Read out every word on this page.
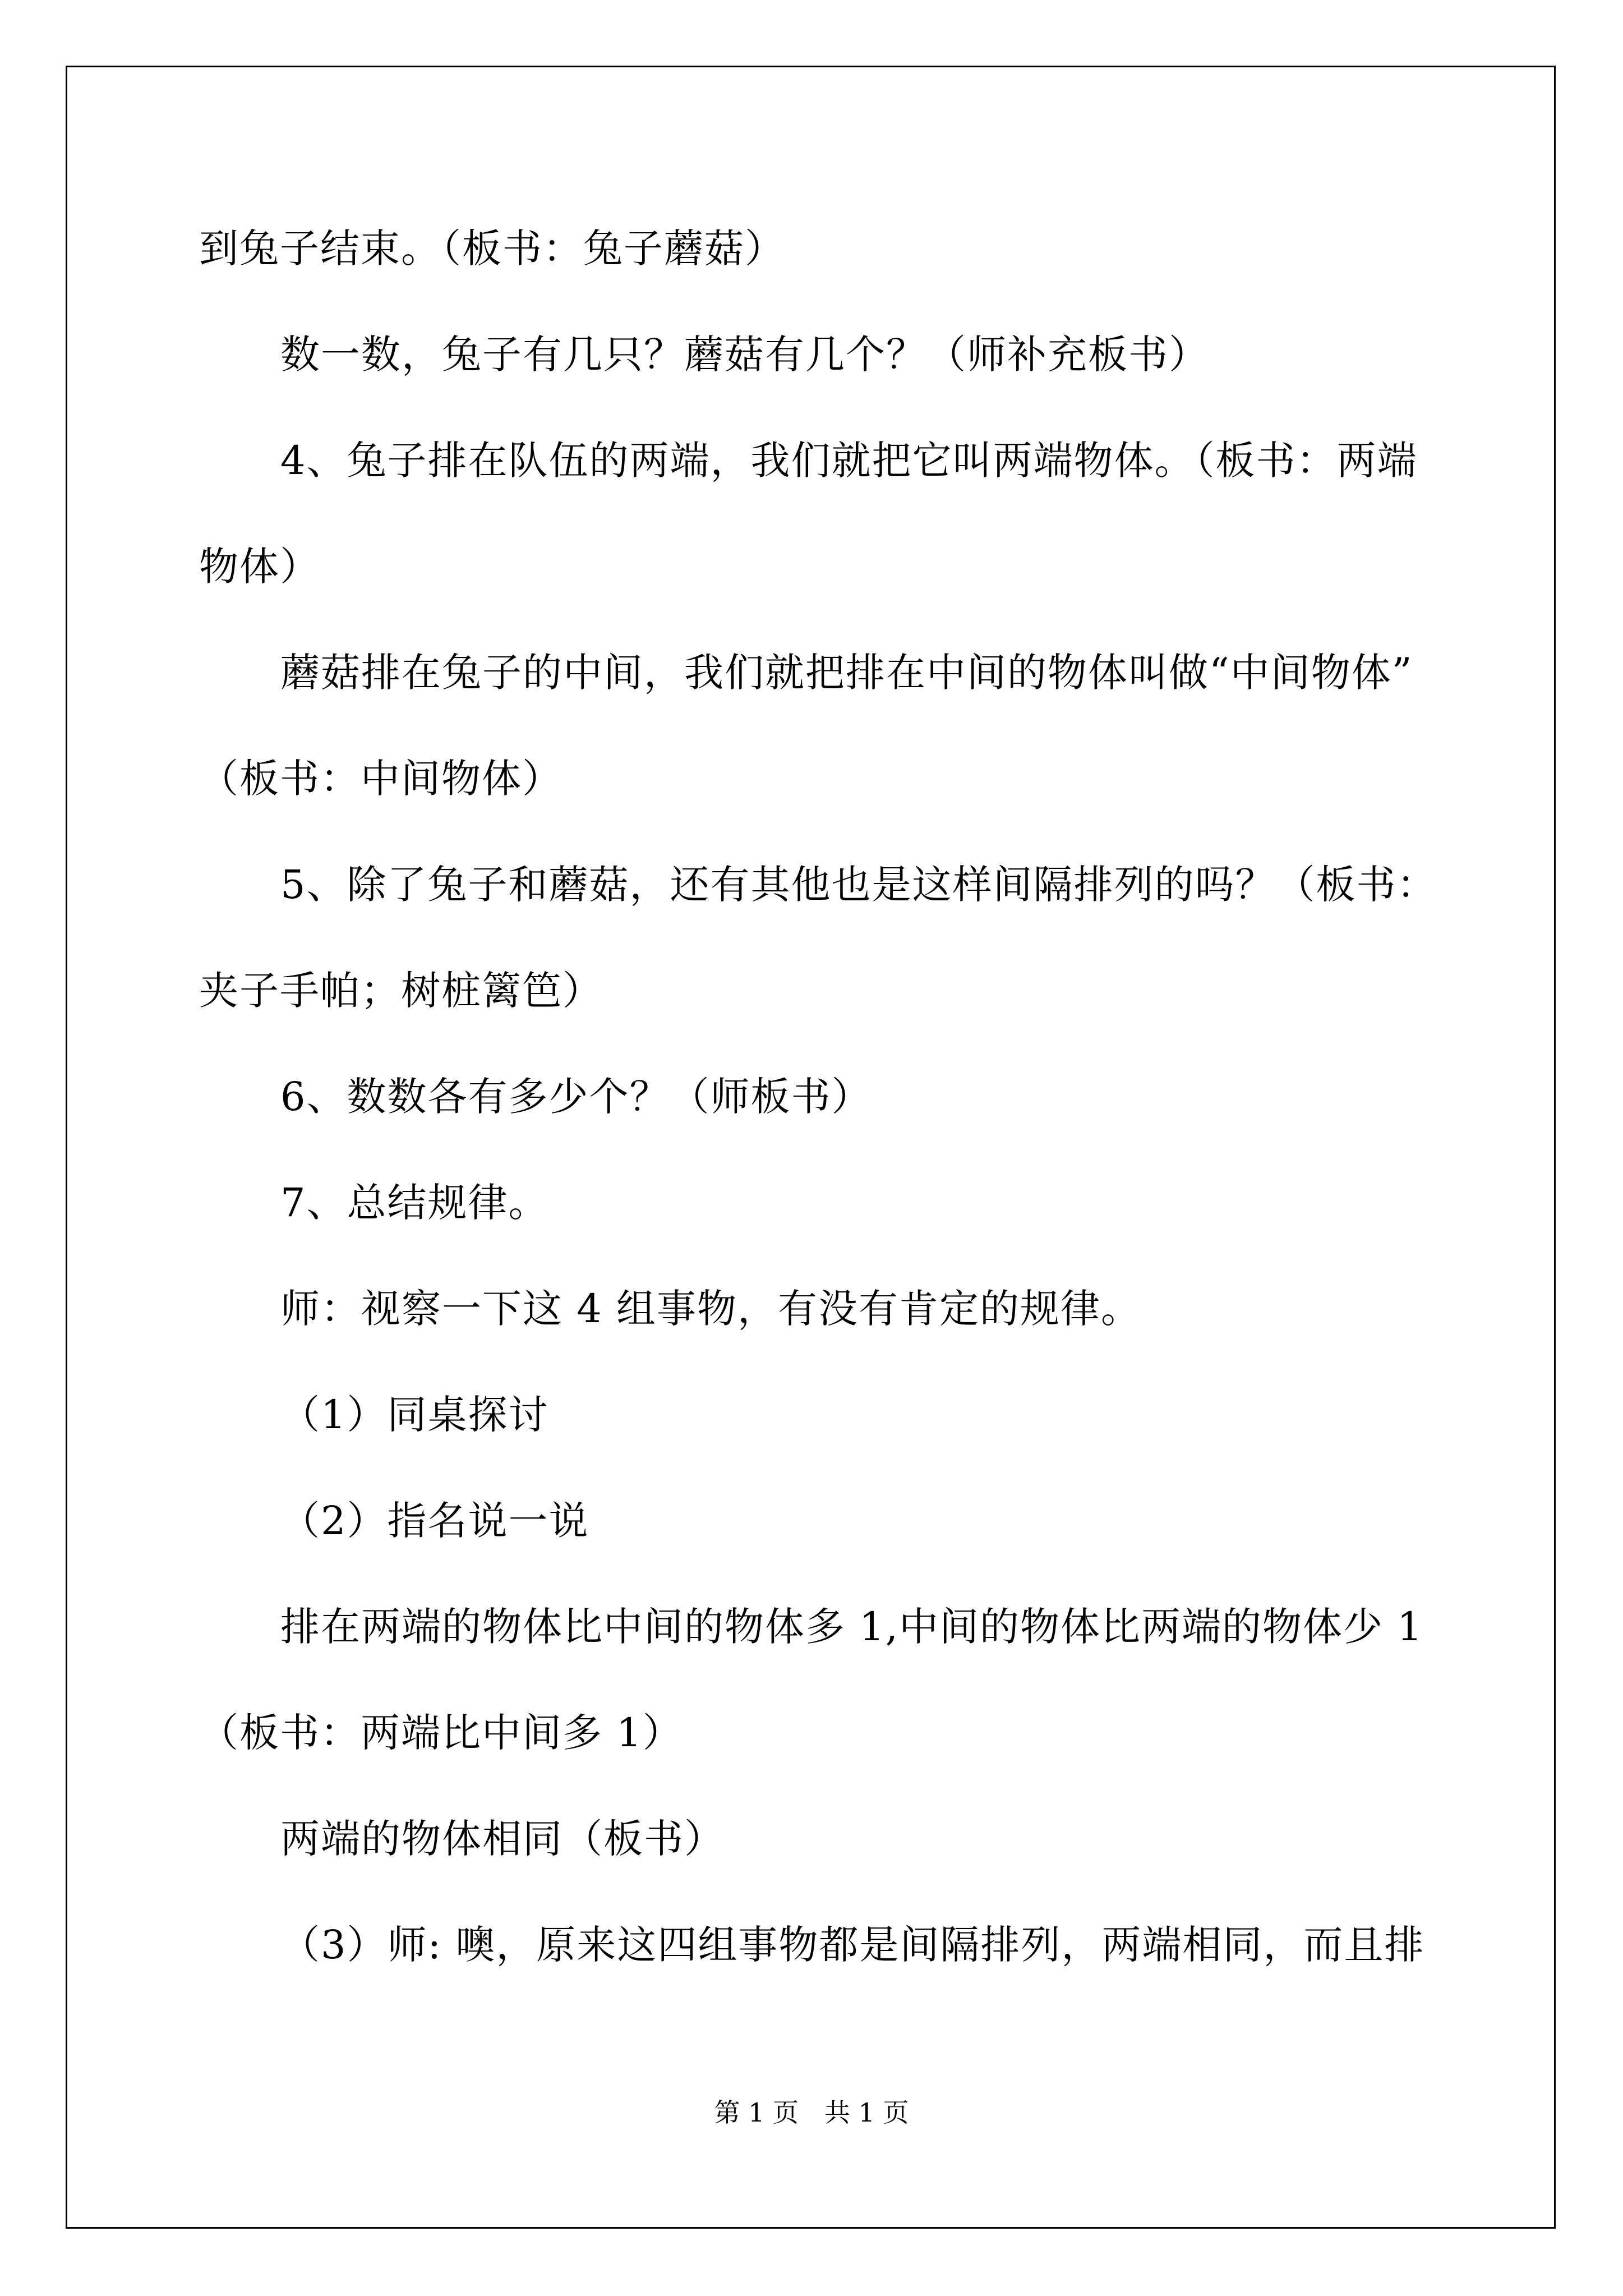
到兔子结束。（板书：兔子蘑菇）
数一数，兔子有几只？蘑菇有几个？（师补充板书）
4、兔子排在队伍的两端，我们就把它叫两端物体。（板书：两端
物体）
蘑菇排在兔子的中间，我们就把排在中间的物体叫做“中间物体”
（板书：中间物体）
5、除了兔子和蘑菇，还有其他也是这样间隔排列的吗？（板书：
夹子手帕；树桩篱笆）
6、数数各有多少个？（师板书）
7、总结规律。
师：视察一下这 4 组事物，有没有肯定的规律。
（1）同桌探讨
（2）指名说一说
排在两端的物体比中间的物体多 1,中间的物体比两端的物体少 1
（板书：两端比中间多 1）
两端的物体相同（板书）
（3）师: 噢，原来这四组事物都是间隔排列，两端相同，而且排
第 1 页　共 1 页
